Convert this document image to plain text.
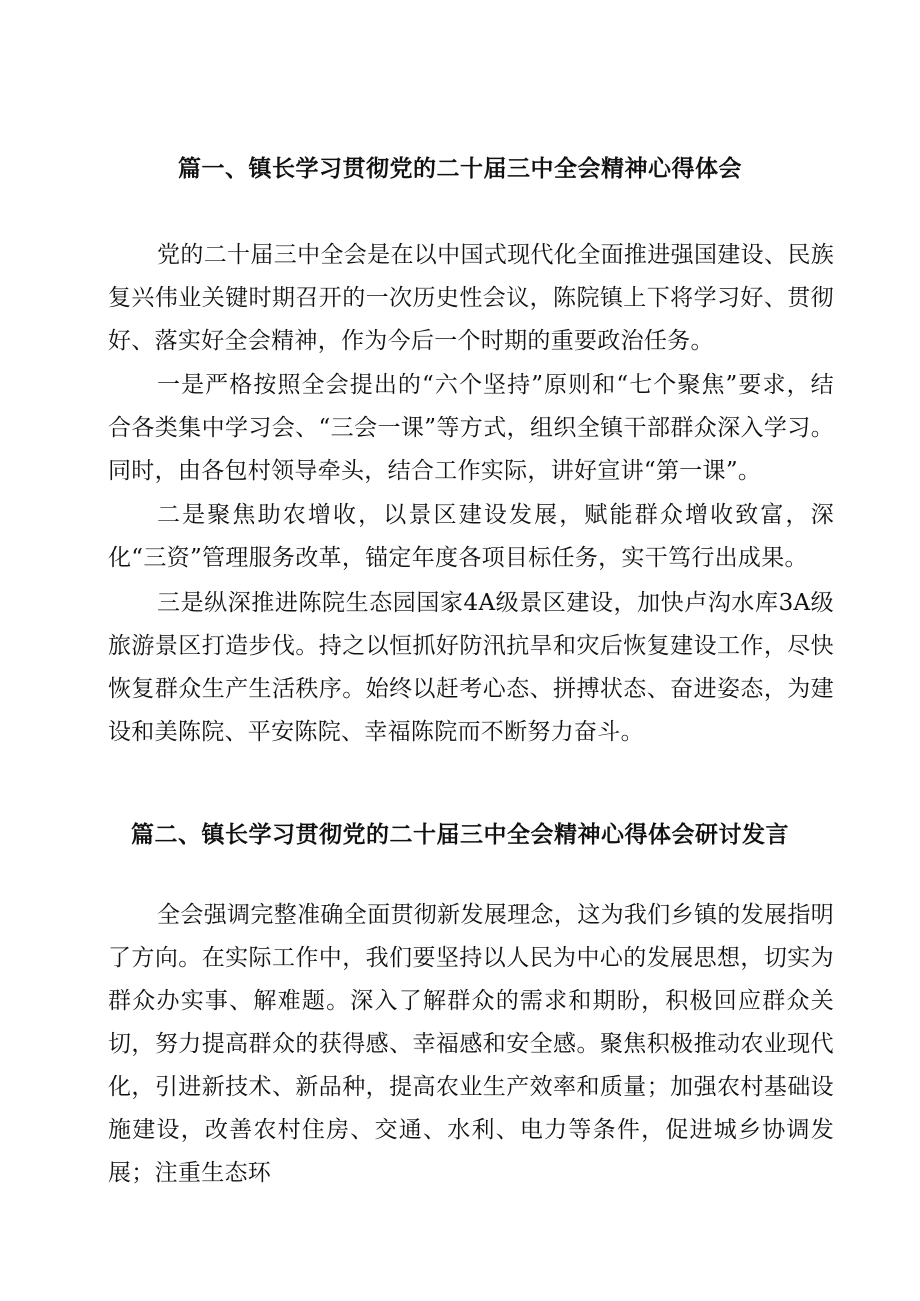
篇一、镇长学习贯彻党的二十届三中全会精神心得体会
党的二十届三中全会是在以中国式现代化全面推进强国建设、民族复兴伟业关键时期召开的一次历史性会议，陈院镇上下将学习好、贯彻好、落实好全会精神，作为今后一个时期的重要政治任务。
一是严格按照全会提出的“六个坚持”原则和“七个聚焦”要求，结合各类集中学习会、“三会一课”等方式，组织全镇干部群众深入学习。同时，由各包村领导牵头，结合工作实际，讲好宣讲“第一课”。
二是聚焦助农增收，以景区建设发展，赋能群众增收致富，深化“三资”管理服务改革，锚定年度各项目标任务，实干笃行出成果。
三是纵深推进陈院生态园国家4A级景区建设，加快卢沟水库3A级旅游景区打造步伐。持之以恒抓好防汛抗旱和灾后恢复建设工作，尽快恢复群众生产生活秩序。始终以赶考心态、拼搏状态、奋进姿态，为建设和美陈院、平安陈院、幸福陈院而不断努力奋斗。
篇二、镇长学习贯彻党的二十届三中全会精神心得体会研讨发言
全会强调完整准确全面贯彻新发展理念，这为我们乡镇的发展指明了方向。在实际工作中，我们要坚持以人民为中心的发展思想，切实为群众办实事、解难题。深入了解群众的需求和期盼，积极回应群众关切，努力提高群众的获得感、幸福感和安全感。聚焦积极推动农业现代化，引进新技术、新品种，提高农业生产效率和质量；加强农村基础设施建设，改善农村住房、交通、水利、电力等条件，促进城乡协调发展；注重生态环
